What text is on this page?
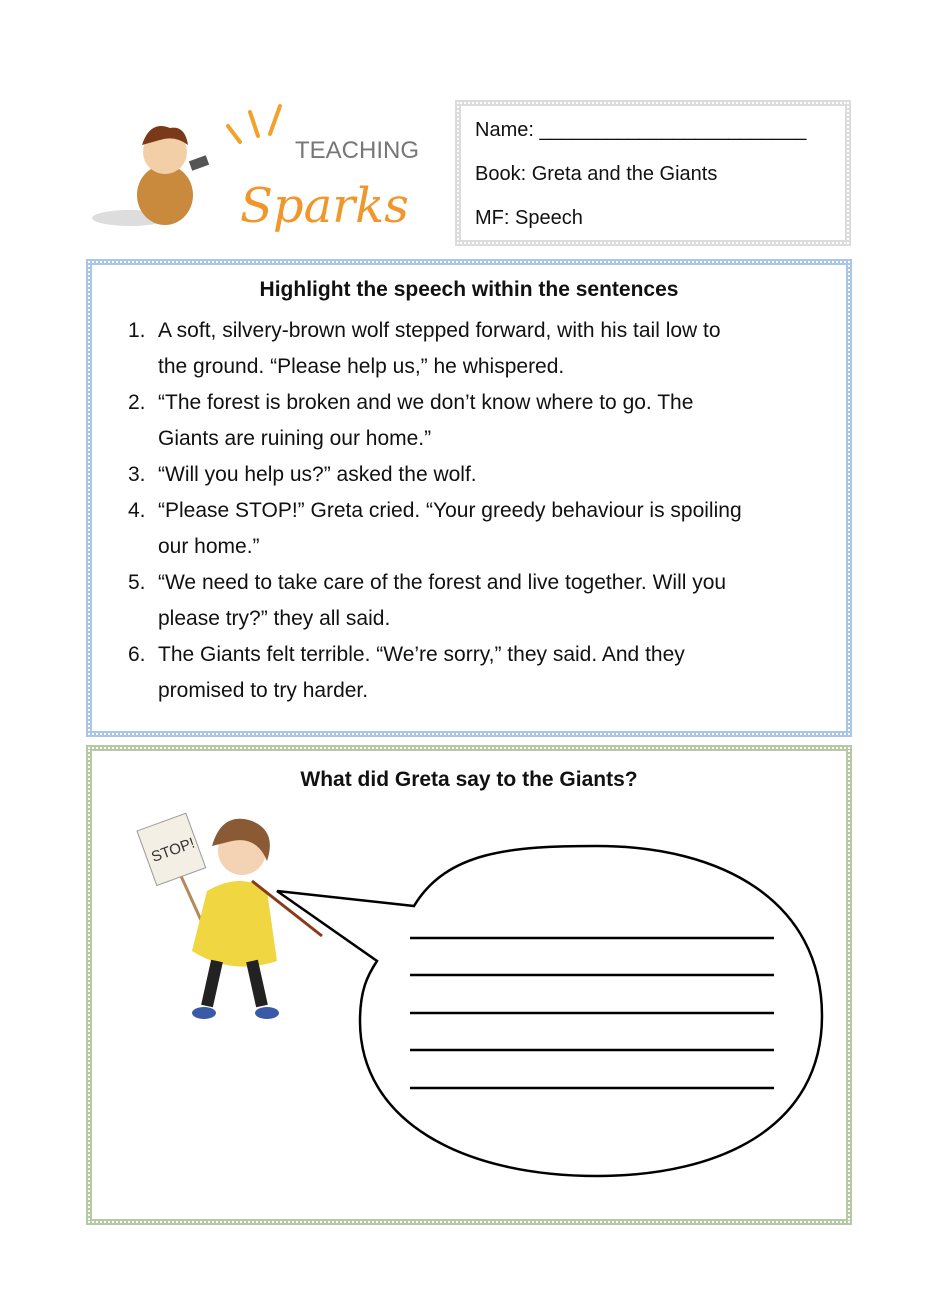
TEACHING
Sparks
Name: ________________________
Book: Greta and the Giants
MF: Speech
Highlight the speech within the sentences
1. A soft, silvery-brown wolf stepped forward, with his tail low to
the ground. “Please help us,” he whispered.
2. “The forest is broken and we don’t know where to go. The
Giants are ruining our home.”
3. “Will you help us?” asked the wolf.
4. “Please STOP!” Greta cried. “Your greedy behaviour is spoiling
our home.”
5. “We need to take care of the forest and live together. Will you
please try?” they all said.
6. The Giants felt terrible. “We’re sorry,” they said. And they
promised to try harder.
What did Greta say to the Giants?
STOP!
